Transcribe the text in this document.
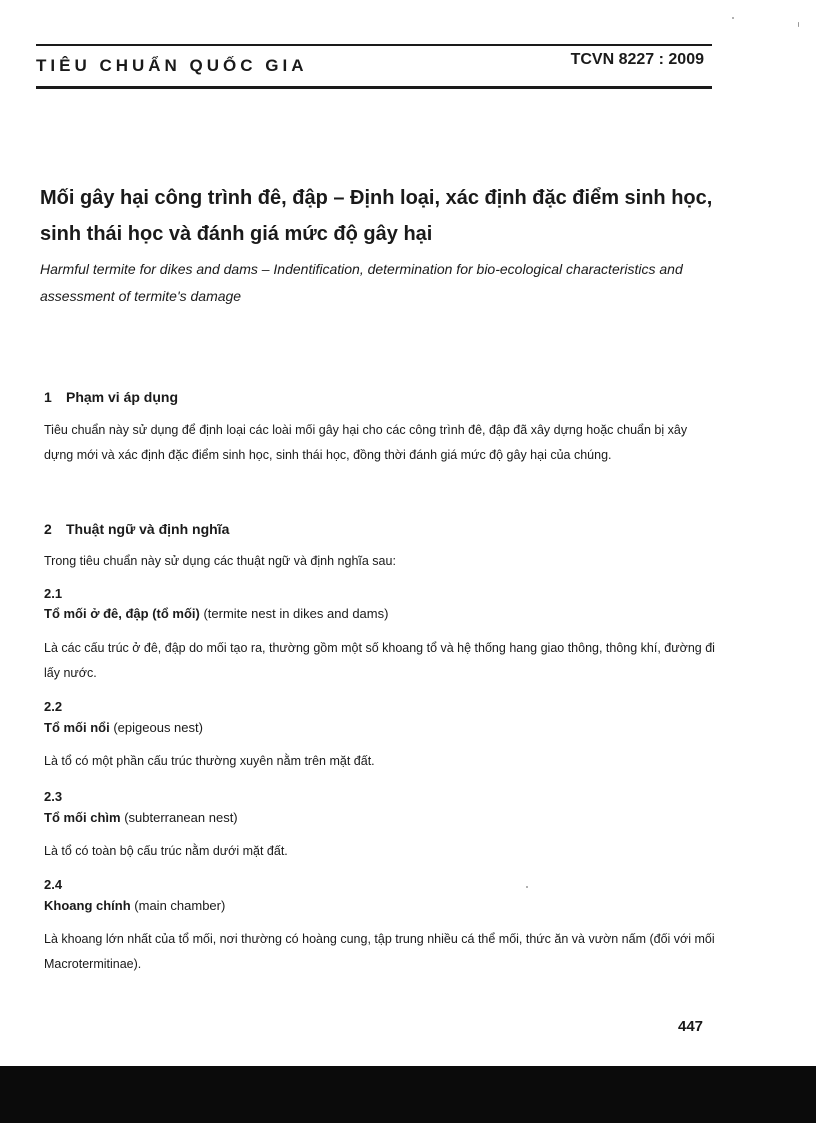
TIÊU CHUẨN QUỐC GIA	TCVN 8227 : 2009
Mối gây hại công trình đê, đập – Định loại, xác định đặc điểm sinh học, sinh thái học và đánh giá mức độ gây hại
Harmful termite for dikes and dams – Indentification, determination for bio-ecological characteristics and assessment of termite's damage
1 Phạm vi áp dụng
Tiêu chuẩn này sử dụng để định loại các loài mối gây hại cho các công trình đê, đập đã xây dựng hoặc chuẩn bị xây dựng mới và xác định đặc điểm sinh học, sinh thái học, đồng thời đánh giá mức độ gây hại của chúng.
2 Thuật ngữ và định nghĩa
Trong tiêu chuẩn này sử dụng các thuật ngữ và định nghĩa sau:
2.1
Tổ mối ở đê, đập (tổ mối) (termite nest in dikes and dams)
Là các cấu trúc ở đê, đập do mối tạo ra, thường gồm một số khoang tổ và hệ thống hang giao thông, thông khí, đường đi lấy nước.
2.2
Tổ mối nổi (epigeous nest)
Là tổ có một phần cấu trúc thường xuyên nằm trên mặt đất.
2.3
Tổ mối chìm (subterranean nest)
Là tổ có toàn bộ cấu trúc nằm dưới mặt đất.
2.4
Khoang chính (main chamber)
Là khoang lớn nhất của tổ mối, nơi thường có hoàng cung, tập trung nhiều cá thể mối, thức ăn và vườn nấm (đối với mối Macrotermitinae).
447
